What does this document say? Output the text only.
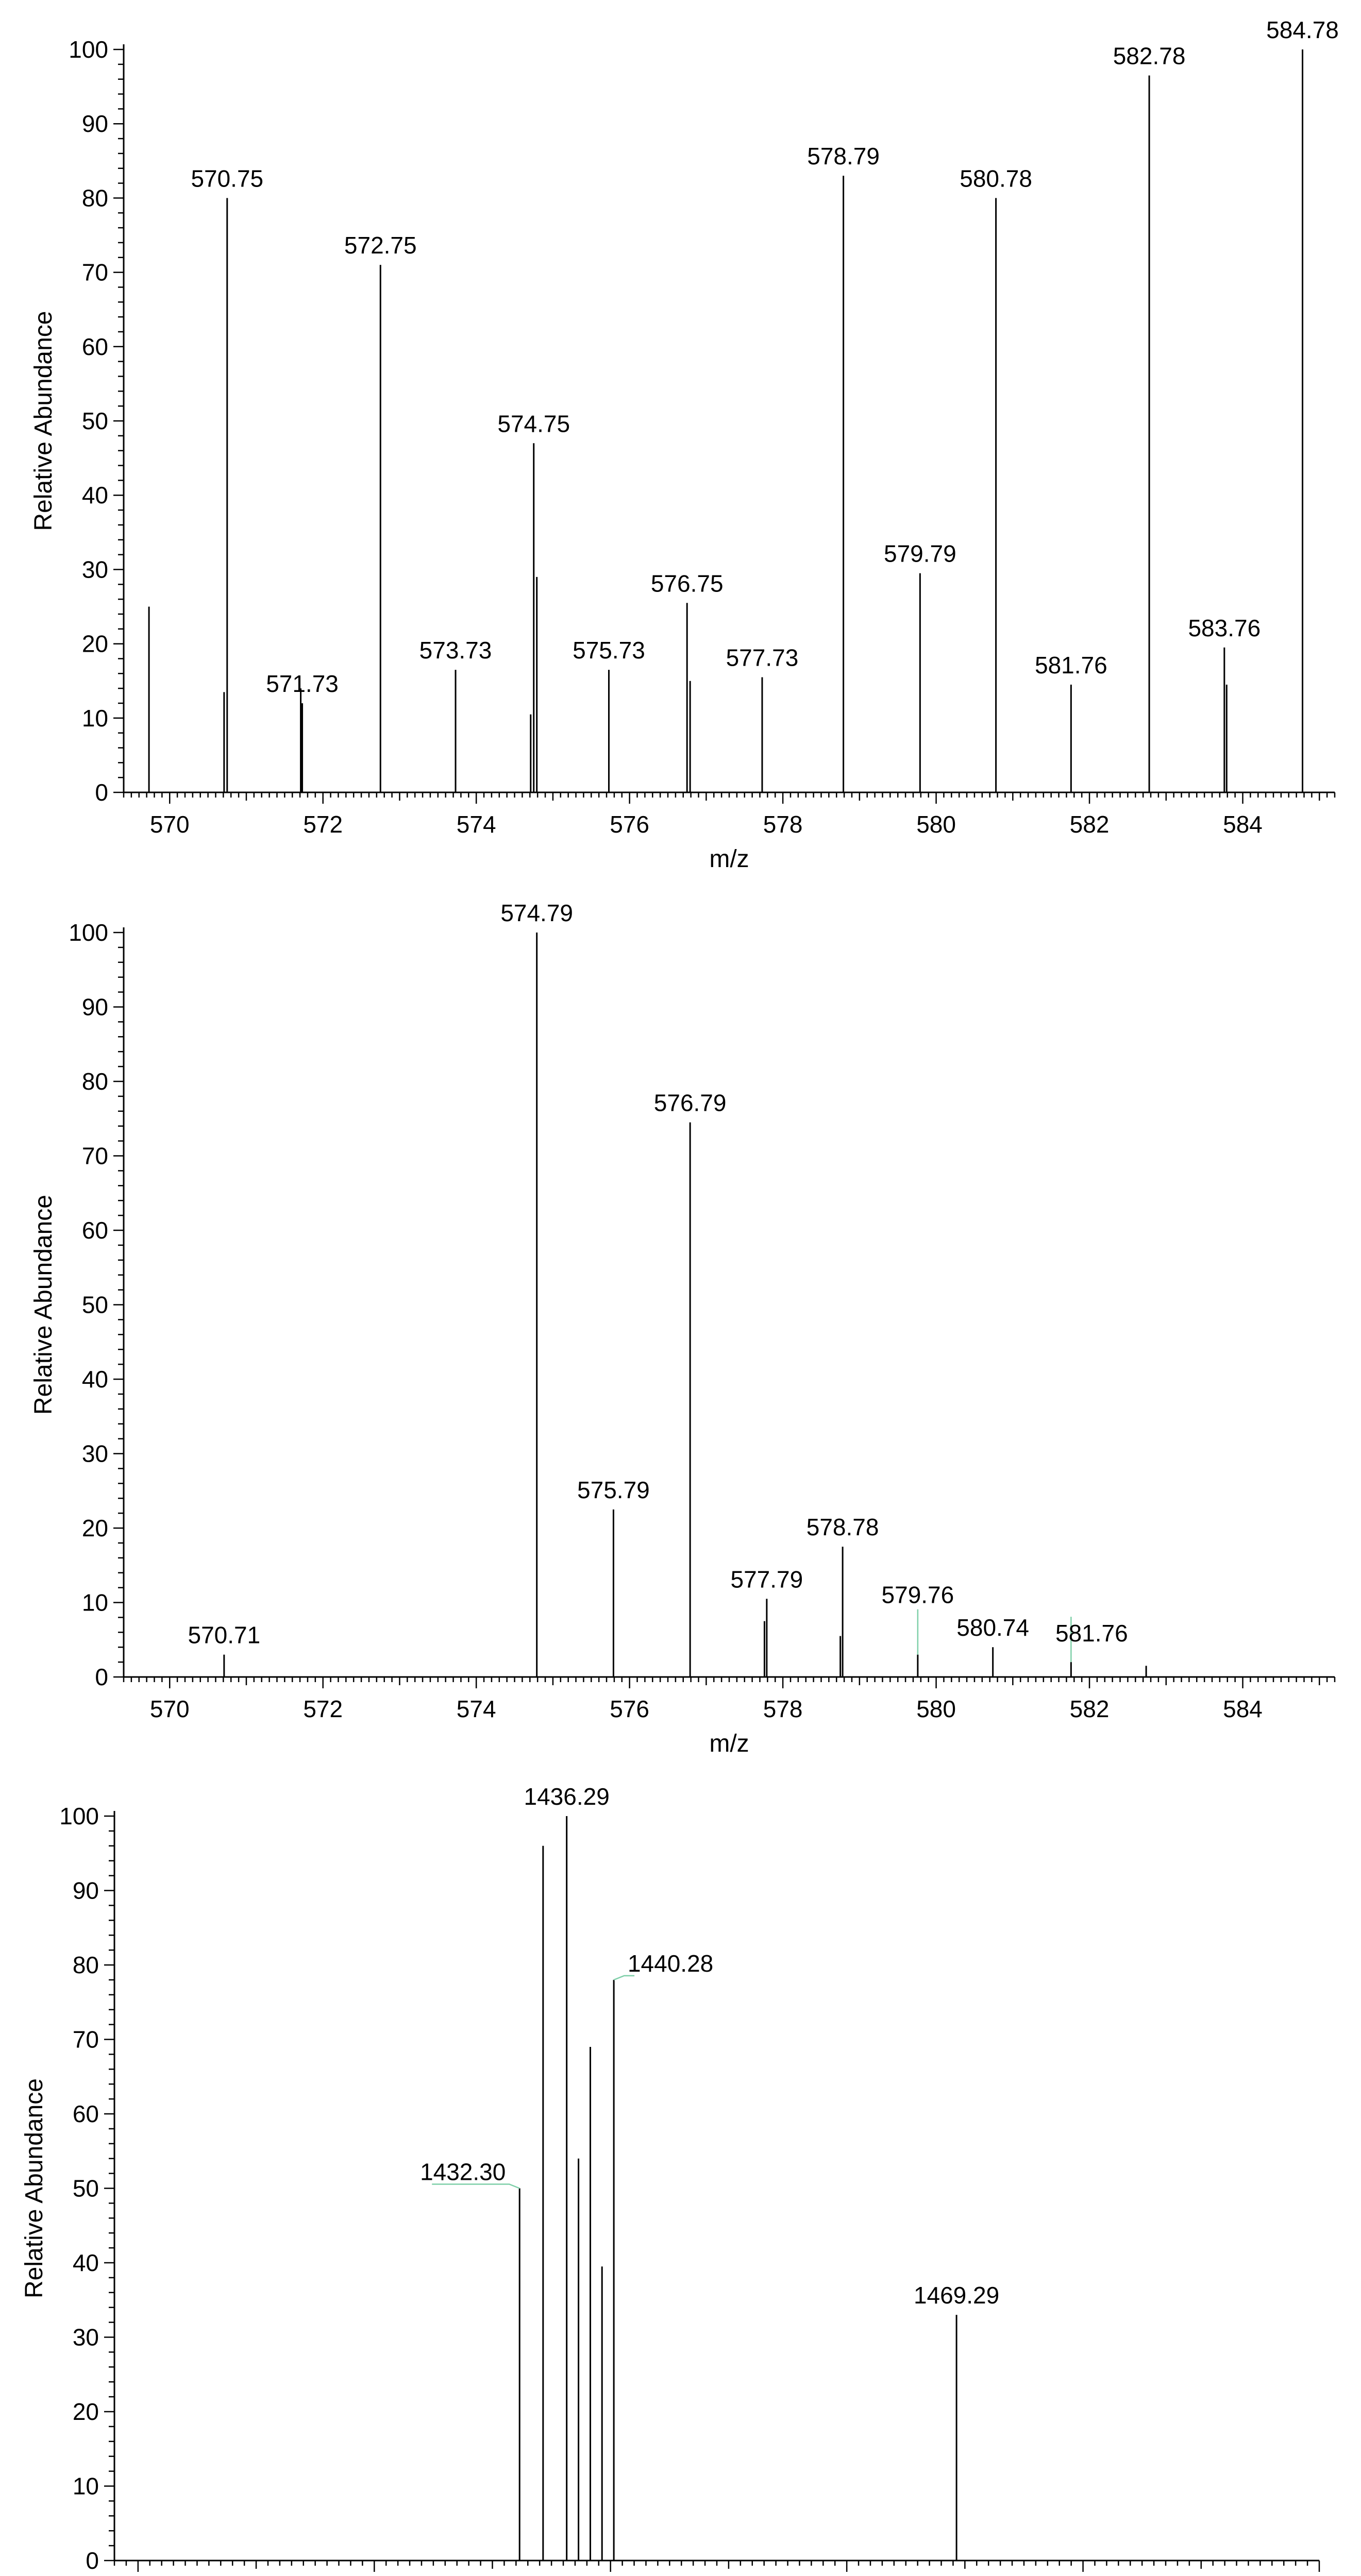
0
10
20
30
40
50
60
70
80
90
100
570	572	574	576	578	580	582	584
m/z
Relative Abundance
570.75
571.73
572.75
573.73
574.75
575.73
576.75
577.73
578.79
579.79
580.78
581.76
582.78
583.76
584.78
0
10
20
30
40
50
60
70
80
90
100
570	572	574	576	578	580	582	584
m/z
Relative Abundance
570.71
574.79
575.79
576.79
577.79
578.78
579.76
580.74 581.76
0
10
20
30
40
50
60
70
80
90
100
Relative Abundance	1432.30
1436.29
1440.28
1469.29
